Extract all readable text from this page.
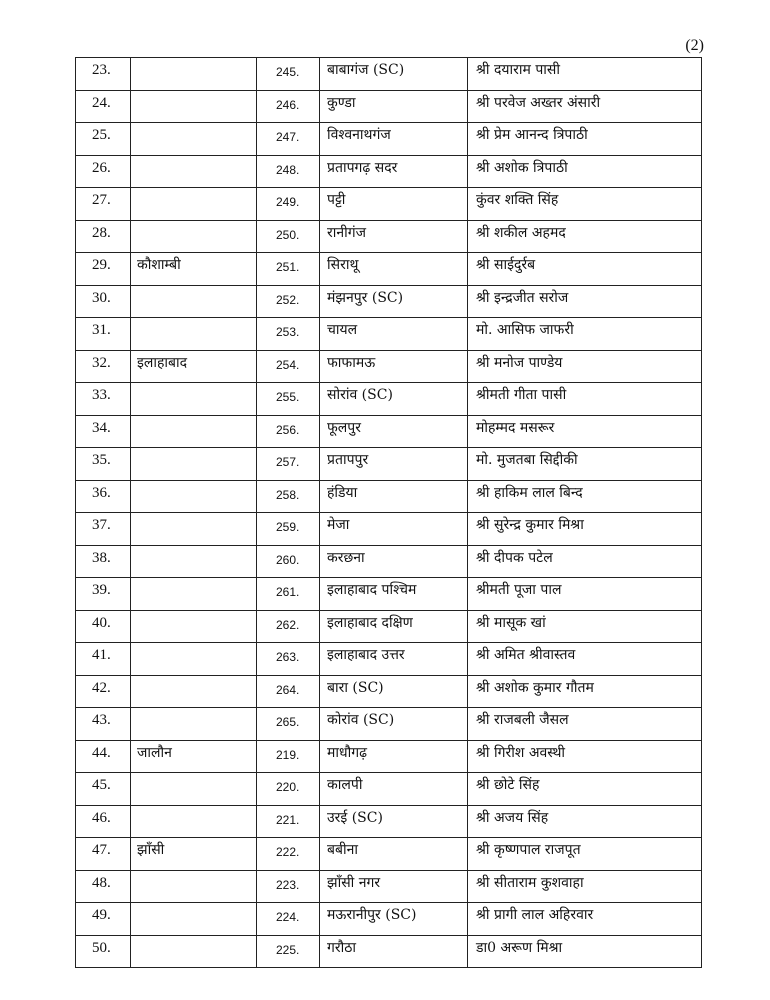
(2)
23.		245.	बाबागंज (SC)	श्री दयाराम पासी
24.		246.	कुण्डा	श्री परवेज अख्तर अंसारी
25.		247.	विश्वनाथगंज	श्री प्रेम आनन्द त्रिपाठी
26.		248.	प्रतापगढ़ सदर	श्री अशोक त्रिपाठी
27.		249.	पट्टी	कुंवर शक्ति सिंह
28.		250.	रानीगंज	श्री शकील अहमद
29.	कौशाम्बी	251.	सिराथू	श्री साईदुर्रब
30.		252.	मंझनपुर (SC)	श्री इन्द्रजीत सरोज
31.		253.	चायल	मो. आसिफ जाफरी
32.	इलाहाबाद	254.	फाफामऊ	श्री मनोज पाण्डेय
33.		255.	सोरांव (SC)	श्रीमती गीता पासी
34.		256.	फूलपुर	मोहम्मद मसरूर
35.		257.	प्रतापपुर	मो. मुजतबा सिद्दीकी
36.		258.	हंडिया	श्री हाकिम लाल बिन्द
37.		259.	मेजा	श्री सुरेन्द्र कुमार मिश्रा
38.		260.	करछना	श्री दीपक पटेल
39.		261.	इलाहाबाद पश्चिम	श्रीमती पूजा पाल
40.		262.	इलाहाबाद दक्षिण	श्री मासूक खां
41.		263.	इलाहाबाद उत्तर	श्री अमित श्रीवास्तव
42.		264.	बारा (SC)	श्री अशोक कुमार गौतम
43.		265.	कोरांव (SC)	श्री राजबली जैसल
44.	जालौन	219.	माधौगढ़	श्री गिरीश अवस्थी
45.		220.	कालपी	श्री छोटे सिंह
46.		221.	उरई (SC)	श्री अजय सिंह
47.	झाँसी	222.	बबीना	श्री कृष्णपाल राजपूत
48.		223.	झाँसी नगर	श्री सीताराम कुशवाहा
49.		224.	मऊरानीपुर (SC)	श्री प्रागी लाल अहिरवार
50.		225.	गरौठा	डा0 अरूण मिश्रा
